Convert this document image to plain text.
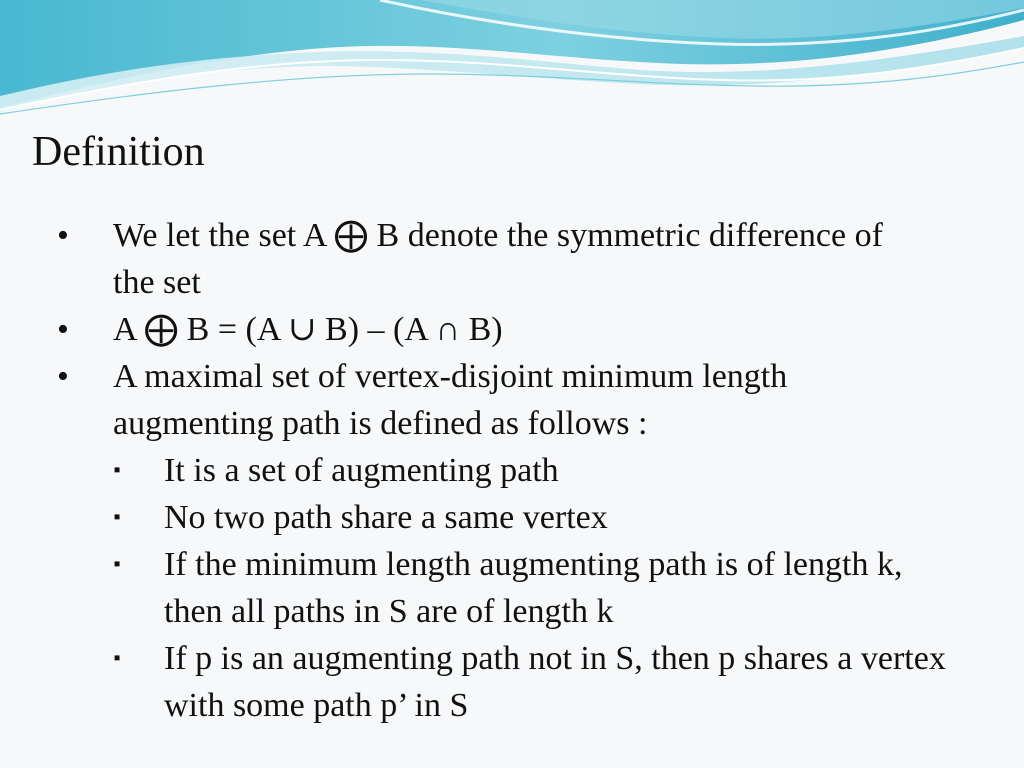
Definition
• We let the set A ⨁ B denote the symmetric difference of the set
• A ⨁ B = (A ∪ B) – (A ∩ B)
• A maximal set of vertex-disjoint minimum length augmenting path is defined as follows :
▪	It is a set of augmenting path
▪	No two path share a same vertex
▪	If the minimum length augmenting path is of length k, then all paths in S are of length k
▪	If p is an augmenting path not in S, then p shares a vertex with some path p’ in S
